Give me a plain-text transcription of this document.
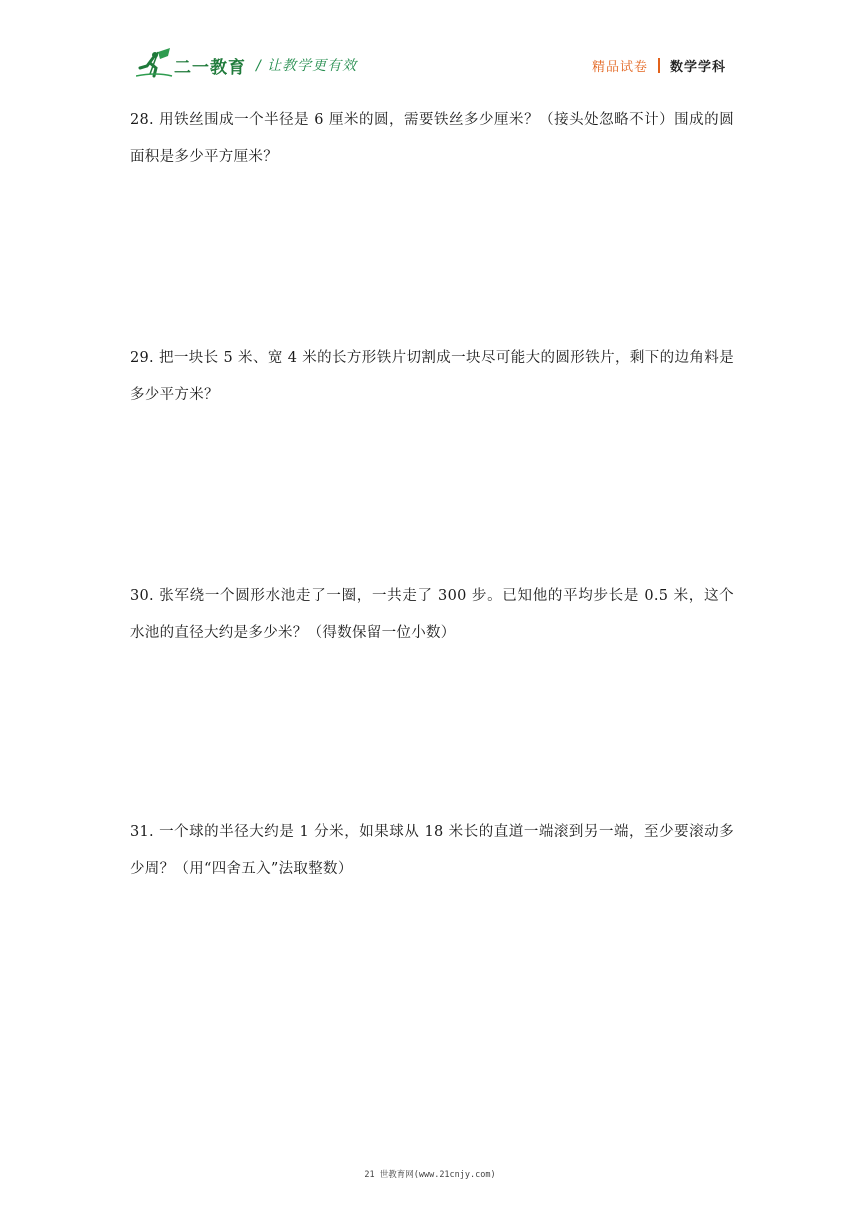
二一教育 / 让教学更有效	精品试卷 数学学科
28. 用铁丝围成一个半径是 6 厘米的圆，需要铁丝多少厘米？（接头处忽略不计）围成的圆面积是多少平方厘米？
29. 把一块长 5 米、宽 4 米的长方形铁片切割成一块尽可能大的圆形铁片，剩下的边角料是多少平方米？
30. 张军绕一个圆形水池走了一圈，一共走了 300 步。已知他的平均步长是 0.5 米，这个水池的直径大约是多少米？（得数保留一位小数）
31. 一个球的半径大约是 1 分米，如果球从 18 米长的直道一端滚到另一端，至少要滚动多少周？（用“四舍五入”法取整数）
21 世教育网(www.21cnjy.com)
